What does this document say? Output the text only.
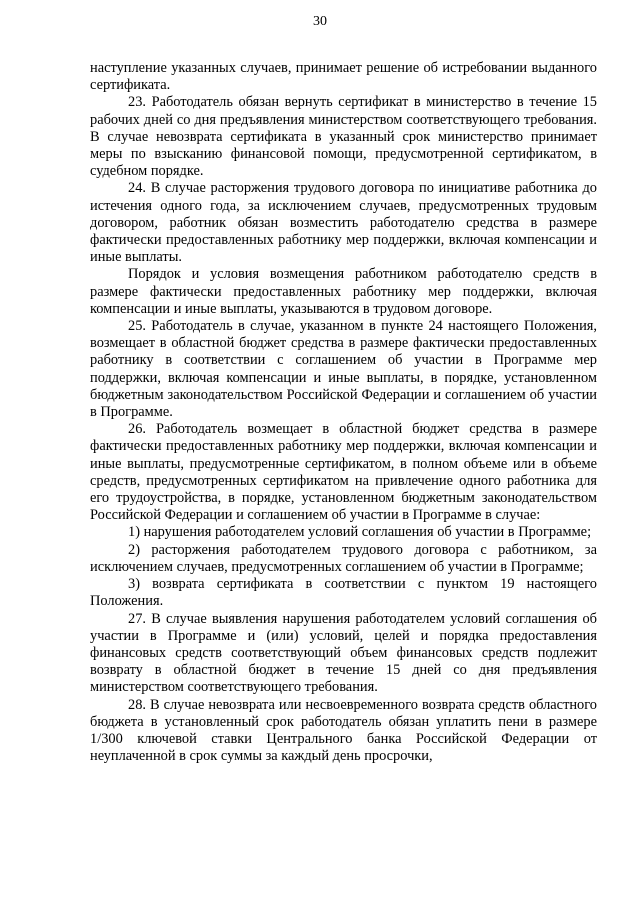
30

наступление указанных случаев, принимает решение об истребовании выданного сертификата.

23. Работодатель обязан вернуть сертификат в министерство в течение 15 рабочих дней со дня предъявления министерством соответствующего требования. В случае невозврата сертификата в указанный срок министерство принимает меры по взысканию финансовой помощи, предусмотренной сертификатом, в судебном порядке.

24. В случае расторжения трудового договора по инициативе работника до истечения одного года, за исключением случаев, предусмотренных трудовым договором, работник обязан возместить работодателю средства в размере фактически предоставленных работнику мер поддержки, включая компенсации и иные выплаты.

Порядок и условия возмещения работником работодателю средств в размере фактически предоставленных работнику мер поддержки, включая компенсации и иные выплаты, указываются в трудовом договоре.

25. Работодатель в случае, указанном в пункте 24 настоящего Положения, возмещает в областной бюджет средства в размере фактически предоставленных работнику в соответствии с соглашением об участии в Программе мер поддержки, включая компенсации и иные выплаты, в порядке, установленном бюджетным законодательством Российской Федерации и соглашением об участии в Программе.

26. Работодатель возмещает в областной бюджет средства в размере фактически предоставленных работнику мер поддержки, включая компенсации и иные выплаты, предусмотренные сертификатом, в полном объеме или в объеме средств, предусмотренных сертификатом на привлечение одного работника для его трудоустройства, в порядке, установленном бюджетным законодательством Российской Федерации и соглашением об участии в Программе в случае:

1) нарушения работодателем условий соглашения об участии в Программе;

2) расторжения работодателем трудового договора с работником, за исключением случаев, предусмотренных соглашением об участии в Программе;

3) возврата сертификата в соответствии с пунктом 19 настоящего Положения.

27. В случае выявления нарушения работодателем условий соглашения об участии в Программе и (или) условий, целей и порядка предоставления финансовых средств соответствующий объем финансовых средств подлежит возврату в областной бюджет в течение 15 дней со дня предъявления министерством соответствующего требования.

28. В случае невозврата или несвоевременного возврата средств областного бюджета в установленный срок работодатель обязан уплатить пени в размере 1/300 ключевой ставки Центрального банка Российской Федерации от неуплаченной в срок суммы за каждый день просрочки,
